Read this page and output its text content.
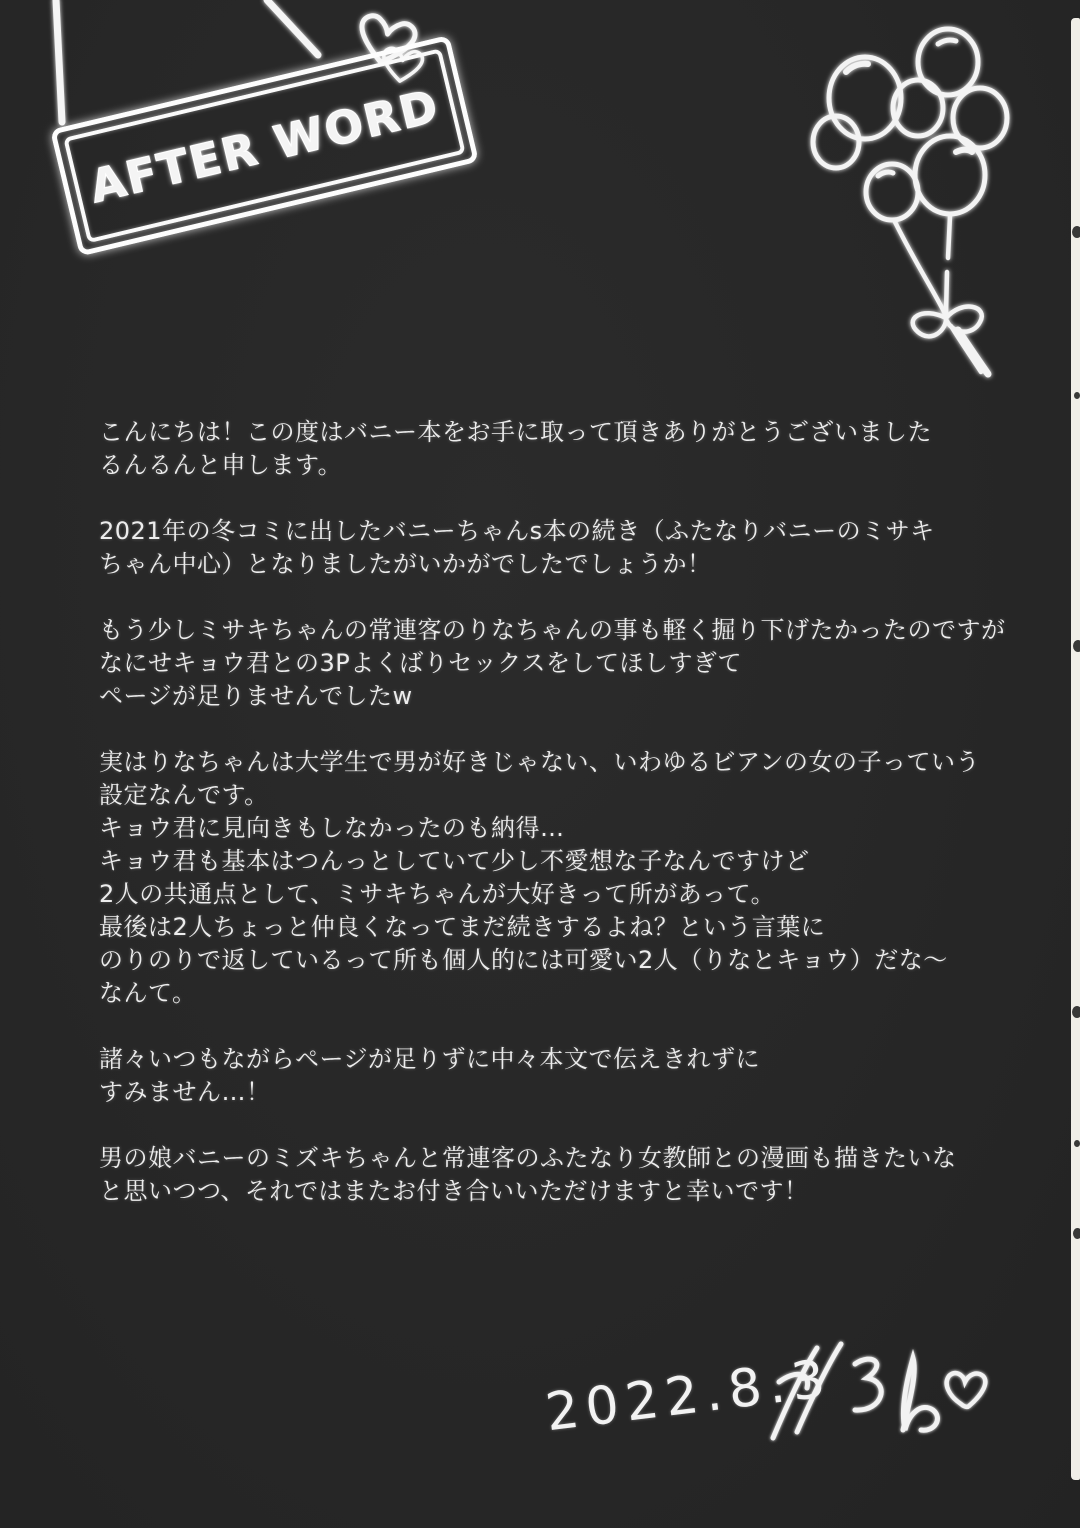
AFTER WORD
こんにちは！この度はバニー本をお手に取って頂きありがとうございました
るんるんと申します。
2021年の冬コミに出したバニーちゃんs本の続き（ふたなりバニーのミサキ
ちゃん中心）となりましたがいかがでしたでしょうか！
もう少しミサキちゃんの常連客のりなちゃんの事も軽く掘り下げたかったのですが
なにせキョウ君との3Pよくばりセックスをしてほしすぎて
ページが足りませんでしたw
実はりなちゃんは大学生で男が好きじゃない、いわゆるビアンの女の子っていう
設定なんです。
キョウ君に見向きもしなかったのも納得…
キョウ君も基本はつんっとしていて少し不愛想な子なんですけど
2人の共通点として、ミサキちゃんが大好きって所があって。
最後は2人ちょっと仲良くなってまだ続きするよね？という言葉に
のりのりで返しているって所も個人的には可愛い2人（りなとキョウ）だな～
なんて。
諸々いつもながらページが足りずに中々本文で伝えきれずに
すみません…！
男の娘バニーのミズキちゃんと常連客のふたなり女教師との漫画も描きたいな
と思いつつ、それではまたお付き合いいただけますと幸いです！
2022.8.3
